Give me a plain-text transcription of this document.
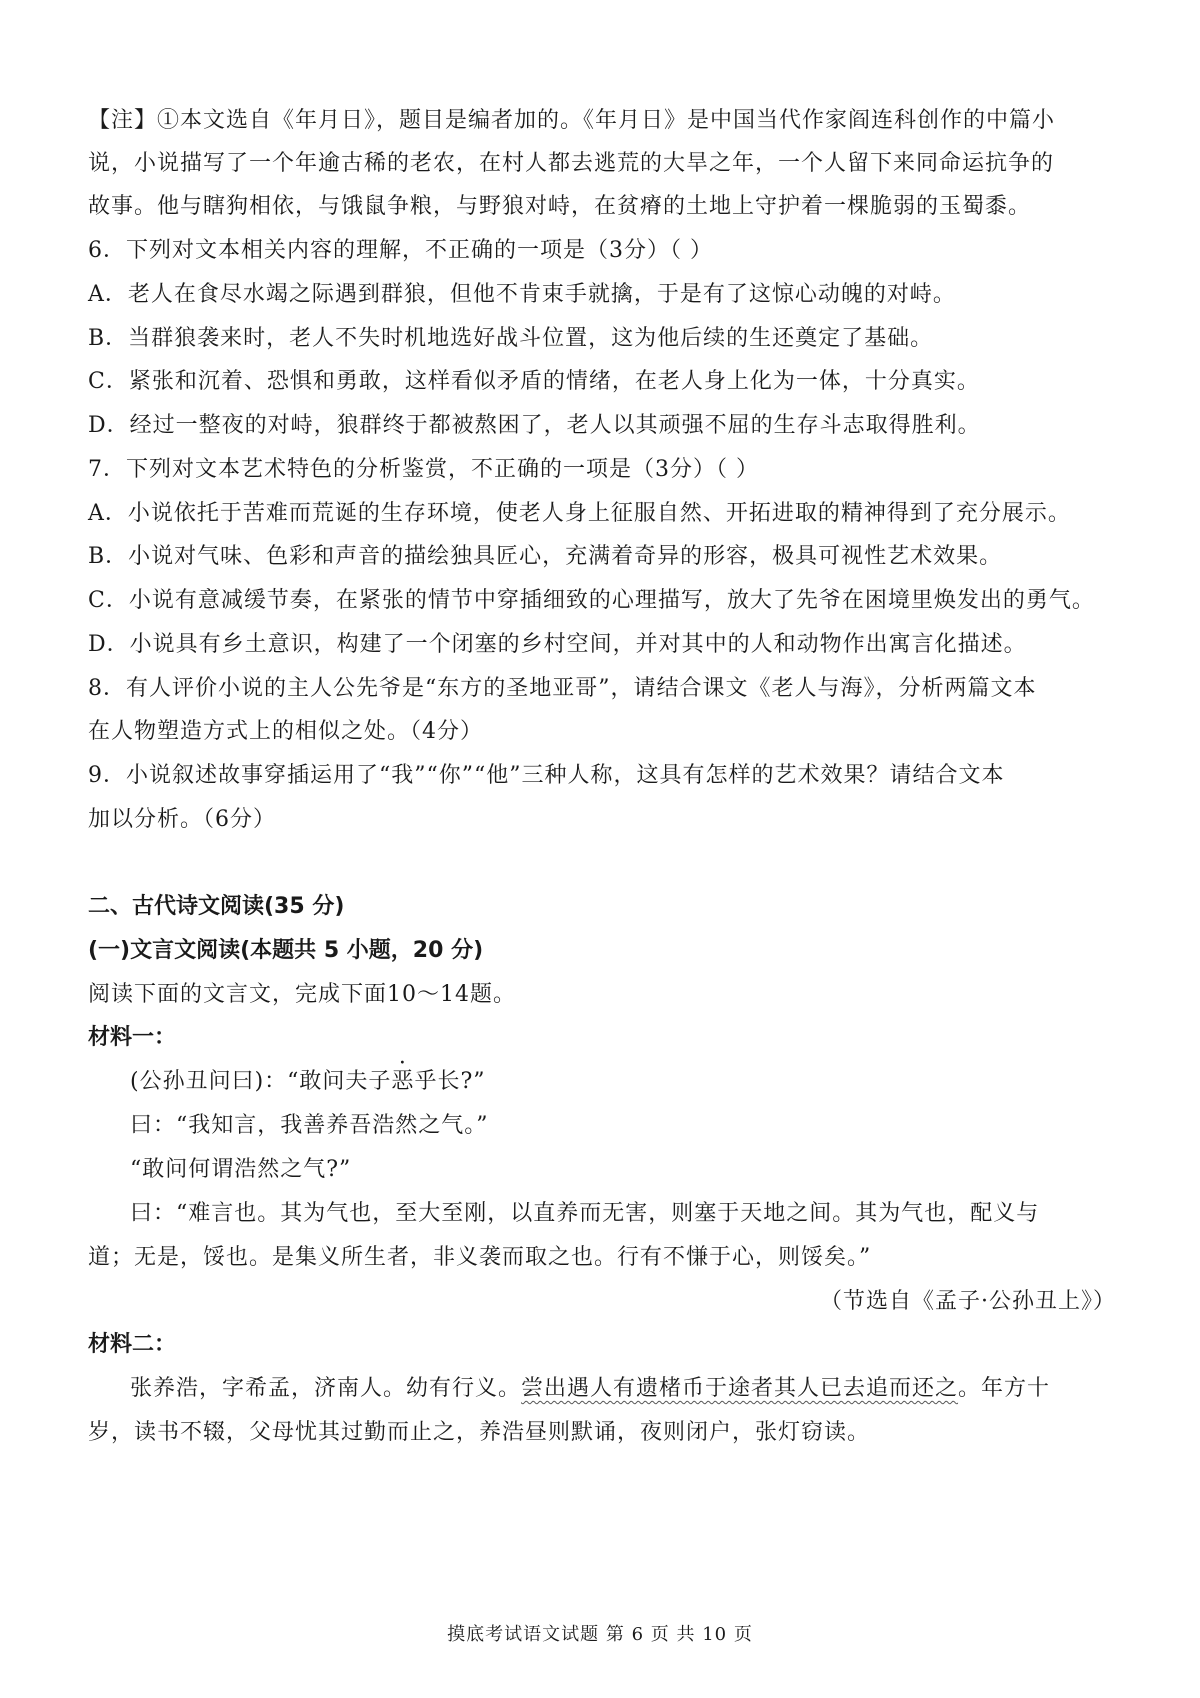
【注】①本文选自《年月日》，题目是编者加的。《年月日》是中国当代作家阎连科创作的中篇小
说，小说描写了一个年逾古稀的老农，在村人都去逃荒的大旱之年，一个人留下来同命运抗争的
故事。他与瞎狗相依，与饿鼠争粮，与野狼对峙，在贫瘠的土地上守护着一棵脆弱的玉蜀黍。
6．下列对文本相关内容的理解，不正确的一项是（3分）（ ）
A．老人在食尽水竭之际遇到群狼，但他不肯束手就擒，于是有了这惊心动魄的对峙。
B．当群狼袭来时，老人不失时机地选好战斗位置，这为他后续的生还奠定了基础。
C．紧张和沉着、恐惧和勇敢，这样看似矛盾的情绪，在老人身上化为一体，十分真实。
D．经过一整夜的对峙，狼群终于都被熬困了，老人以其顽强不屈的生存斗志取得胜利。
7．下列对文本艺术特色的分析鉴赏，不正确的一项是（3分）（ ）
A．小说依托于苦难而荒诞的生存环境，使老人身上征服自然、开拓进取的精神得到了充分展示。
B．小说对气味、色彩和声音的描绘独具匠心，充满着奇异的形容，极具可视性艺术效果。
C．小说有意减缓节奏，在紧张的情节中穿插细致的心理描写，放大了先爷在困境里焕发出的勇气。
D．小说具有乡土意识，构建了一个闭塞的乡村空间，并对其中的人和动物作出寓言化描述。
8．有人评价小说的主人公先爷是“东方的圣地亚哥”，请结合课文《老人与海》，分析两篇文本
在人物塑造方式上的相似之处。（4分）
9．小说叙述故事穿插运用了“我”“你”“他”三种人称，这具有怎样的艺术效果？请结合文本
加以分析。（6分）
二、古代诗文阅读(35 分)
(一)文言文阅读(本题共 5 小题，20 分)
阅读下面的文言文，完成下面10～14题。
材料一：
(公孙丑问曰)：“敢问夫子恶乎长?”
曰：“我知言，我善养吾浩然之气。”
“敢问何谓浩然之气?”
曰：“难言也。其为气也，至大至刚，以直养而无害，则塞于天地之间。其为气也，配义与
道；无是，馁也。是集义所生者，非义袭而取之也。行有不慊于心，则馁矣。”
（节选自《孟子·公孙丑上》）
材料二：
张养浩，字希孟，济南人。幼有行义。尝出遇人有遗楮币于途者其人已去追而还之。年方十
岁，读书不辍，父母忧其过勤而止之，养浩昼则默诵，夜则闭户，张灯窃读。
摸底考试语文试题 第 6 页 共 10 页
